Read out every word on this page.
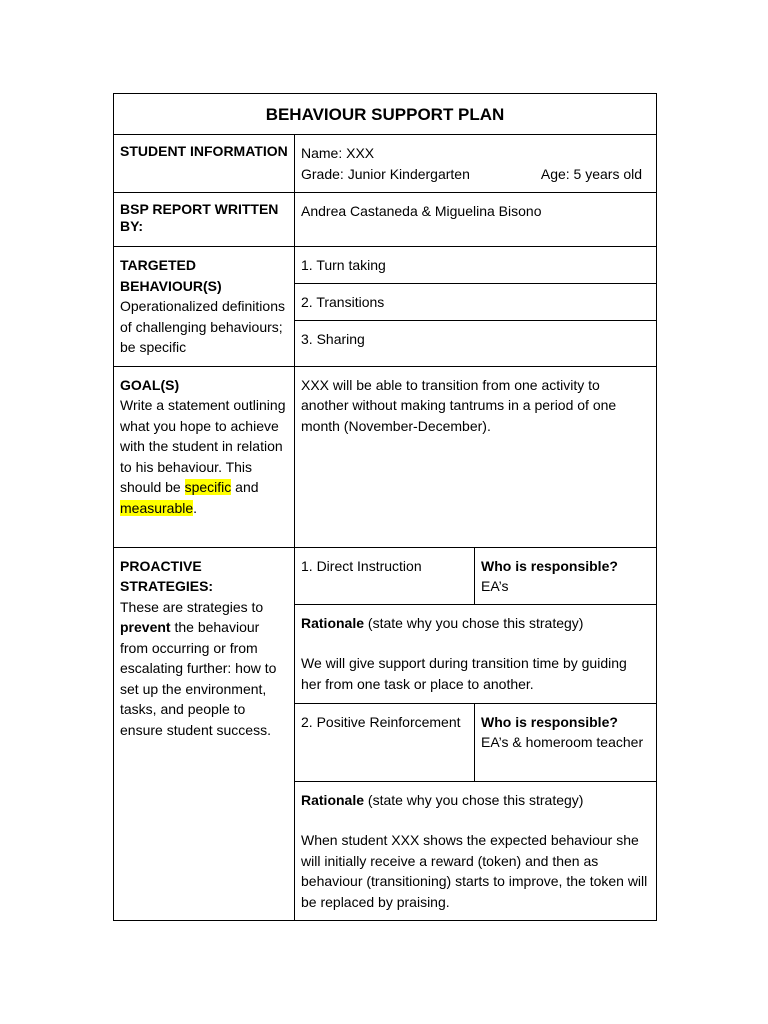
BEHAVIOUR SUPPORT PLAN		
STUDENT INFORMATION	Name: XXX
Grade: Junior Kindergarten Age: 5 years old	

BSP REPORT WRITTEN BY:	Andrea Castaneda & Miguelina Bisono	

TARGETED BEHAVIOUR(S)
Operationalized definitions of challenging behaviours; be specific	1. Turn taking	
	2. Transitions	
	3. Sharing	

GOAL(S)
Write a statement outlining what you hope to achieve with the student in relation to his behaviour. This should be specific and measurable.	XXX will be able to transition from one activity to another without making tantrums in a period of one month (November-December).	

PROACTIVE STRATEGIES:
These are strategies to prevent the behaviour from occurring or from escalating further: how to set up the environment, tasks, and people to ensure student success.	1. Direct Instruction	Who is responsible?
EA’s

	Rationale (state why you chose this strategy)
We will give support during transition time by guiding her from one task or place to another.	

	2. Positive Reinforcement	Who is responsible?
EA’s & homeroom teacher

	Rationale (state why you chose this strategy)
When student XXX shows the expected behaviour she will initially receive a reward (token) and then as behaviour (transitioning) starts to improve, the token will be replaced by praising.	
